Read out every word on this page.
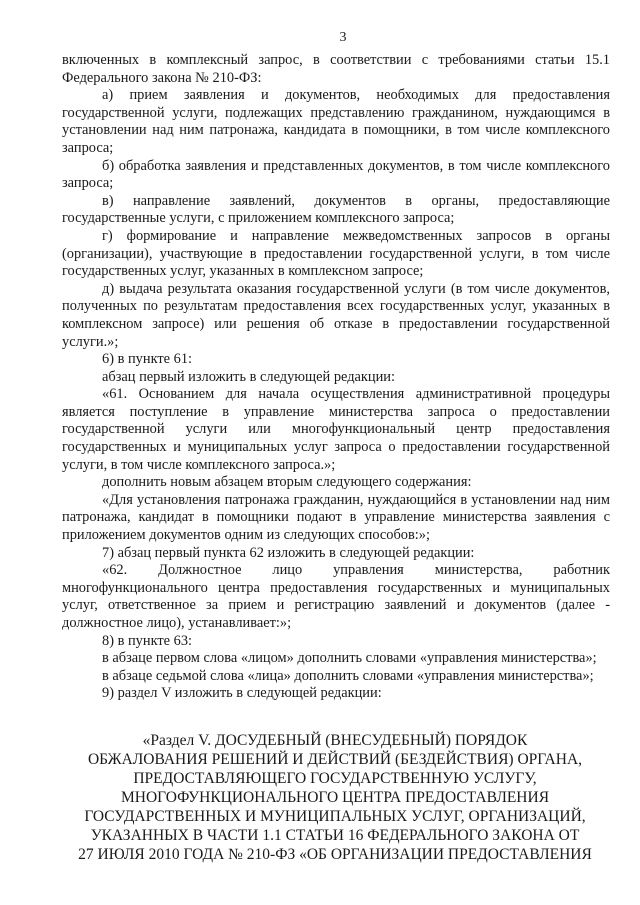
3

включенных в комплексный запрос, в соответствии с требованиями статьи 15.1 Федерального закона № 210-ФЗ:

а) прием заявления и документов, необходимых для предоставления государственной услуги, подлежащих представлению гражданином, нуждающимся в установлении над ним патронажа, кандидата в помощники, в том числе комплексного запроса;

б) обработка заявления и представленных документов, в том числе комплексного запроса;

в) направление заявлений, документов в органы, предоставляющие государственные услуги, с приложением комплексного запроса;

г) формирование и направление межведомственных запросов в органы (организации), участвующие в предоставлении государственной услуги, в том числе государственных услуг, указанных в комплексном запросе;

д) выдача результата оказания государственной услуги (в том числе документов, полученных по результатам предоставления всех государственных услуг, указанных в комплексном запросе) или решения об отказе в предоставлении государственной услуги.»;

6) в пункте 61:

абзац первый изложить в следующей редакции:

«61. Основанием для начала осуществления административной процедуры является поступление в управление министерства запроса о предоставлении государственной услуги или многофункциональный центр предоставления государственных и муниципальных услуг запроса о предоставлении государственной услуги, в том числе комплексного запроса.»;

дополнить новым абзацем вторым следующего содержания:

«Для установления патронажа гражданин, нуждающийся в установлении над ним патронажа, кандидат в помощники подают в управление министерства заявления с приложением документов одним из следующих способов:»;

7) абзац первый пункта 62 изложить в следующей редакции:

«62. Должностное лицо управления министерства, работник многофункционального центра предоставления государственных и муниципальных услуг, ответственное за прием и регистрацию заявлений и документов (далее - должностное лицо), устанавливает:»;

8) в пункте 63:

в абзаце первом слова «лицом» дополнить словами «управления министерства»;

в абзаце седьмой слова «лица» дополнить словами «управления министерства»;

9) раздел V изложить в следующей редакции:

«Раздел V. ДОСУДЕБНЫЙ (ВНЕСУДЕБНЫЙ) ПОРЯДОК
ОБЖАЛОВАНИЯ РЕШЕНИЙ И ДЕЙСТВИЙ (БЕЗДЕЙСТВИЯ) ОРГАНА,
ПРЕДОСТАВЛЯЮЩЕГО ГОСУДАРСТВЕННУЮ УСЛУГУ,
МНОГОФУНКЦИОНАЛЬНОГО ЦЕНТРА ПРЕДОСТАВЛЕНИЯ
ГОСУДАРСТВЕННЫХ И МУНИЦИПАЛЬНЫХ УСЛУГ, ОРГАНИЗАЦИЙ,
УКАЗАННЫХ В ЧАСТИ 1.1 СТАТЬИ 16 ФЕДЕРАЛЬНОГО ЗАКОНА ОТ
27 ИЮЛЯ 2010 ГОДА № 210-ФЗ «ОБ ОРГАНИЗАЦИИ ПРЕДОСТАВЛЕНИЯ
